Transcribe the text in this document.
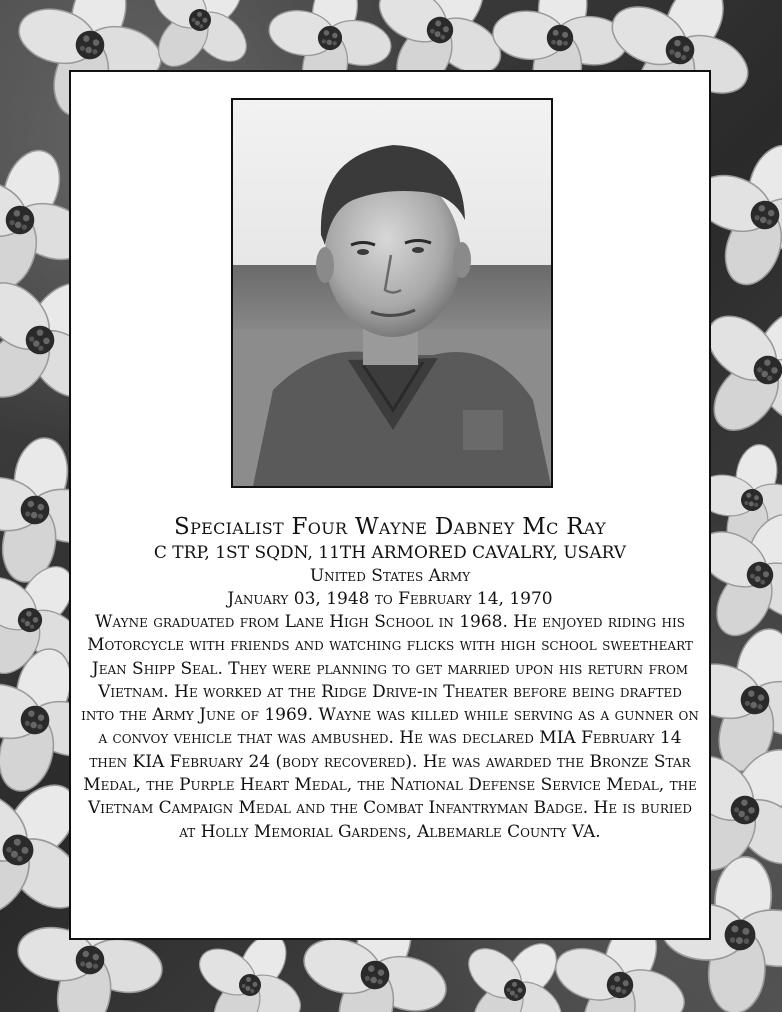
Specialist Four Wayne Dabney Mc Ray
C TRP, 1ST SQDN, 11TH ARMORED CAVALRY, USARV
United States Army
January 03, 1948 to February 14, 1970
Wayne graduated from Lane High School in 1968. He enjoyed riding his Motorcycle with friends and watching flicks with high school sweetheart Jean Shipp Seal. They were planning to get married upon his return from Vietnam. He worked at the Ridge Drive-in Theater before being drafted into the Army June of 1969. Wayne was killed while serving as a gunner on a convoy vehicle that was ambushed. He was declared MIA February 14 then KIA February 24 (body recovered). He was awarded the Bronze Star Medal, the Purple Heart Medal, the National Defense Service Medal, the Vietnam Campaign Medal and the Combat Infantryman Badge. He is buried at Holly Memorial Gardens, Albemarle County VA.
